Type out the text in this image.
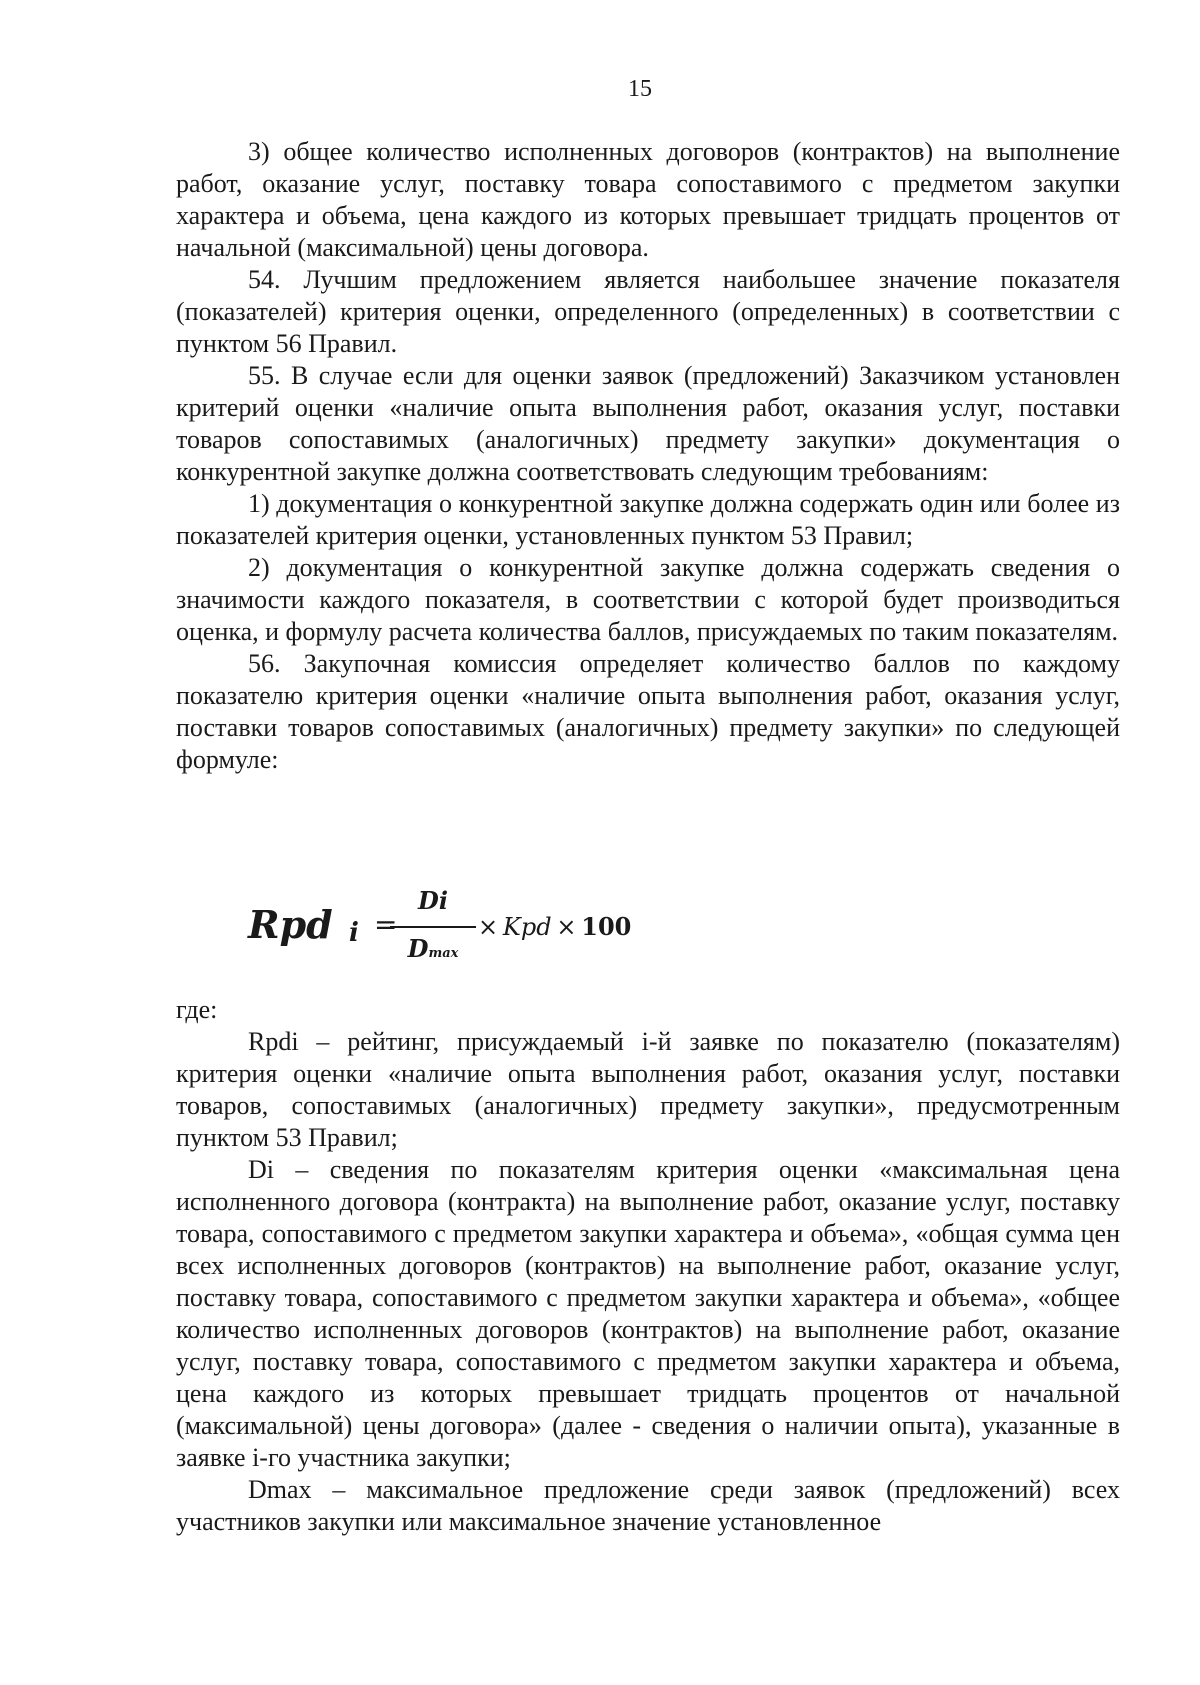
15

3) общее количество исполненных договоров (контрактов) на выполнение работ, оказание услуг, поставку товара сопоставимого с предметом закупки характера и объема, цена каждого из которых превышает тридцать процентов от начальной (максимальной) цены договора.

54. Лучшим предложением является наибольшее значение показателя (показателей) критерия оценки, определенного (определенных) в соответствии с пунктом 56 Правил.

55. В случае если для оценки заявок (предложений) Заказчиком установлен критерий оценки «наличие опыта выполнения работ, оказания услуг, поставки товаров сопоставимых (аналогичных) предмету закупки» документация о конкурентной закупке должна соответствовать следующим требованиям:

1) документация о конкурентной закупке должна содержать один или более из показателей критерия оценки, установленных пунктом 53 Правил;

2) документация о конкурентной закупке должна содержать сведения о значимости каждого показателя, в соответствии с которой будет производиться оценка, и формулу расчета количества баллов, присуждаемых по таким показателям.

56. Закупочная комиссия определяет количество баллов по каждому показателю критерия оценки «наличие опыта выполнения работ, оказания услуг, поставки товаров сопоставимых (аналогичных) предмету закупки» по следующей формуле:

Rpd i =
Di
Dmax
×  Kpd  ×  100

где:

Rpdi – рейтинг, присуждаемый i-й заявке по показателю (показателям) критерия оценки «наличие опыта выполнения работ, оказания услуг, поставки товаров, сопоставимых (аналогичных) предмету закупки», предусмотренным пунктом 53 Правил;

Di – сведения по показателям критерия оценки «максимальная цена исполненного договора (контракта) на выполнение работ, оказание услуг, поставку товара, сопоставимого с предметом закупки характера и объема», «общая сумма цен всех исполненных договоров (контрактов) на выполнение работ, оказание услуг, поставку товара, сопоставимого с предметом закупки характера и объема», «общее количество исполненных договоров (контрактов) на выполнение работ, оказание услуг, поставку товара, сопоставимого с предметом закупки характера и объема, цена каждого из которых превышает тридцать процентов от начальной (максимальной) цены договора» (далее - сведения о наличии опыта), указанные в заявке i-го участника закупки;

Dmax – максимальное предложение среди заявок (предложений) всех участников закупки или максимальное значение установленное
